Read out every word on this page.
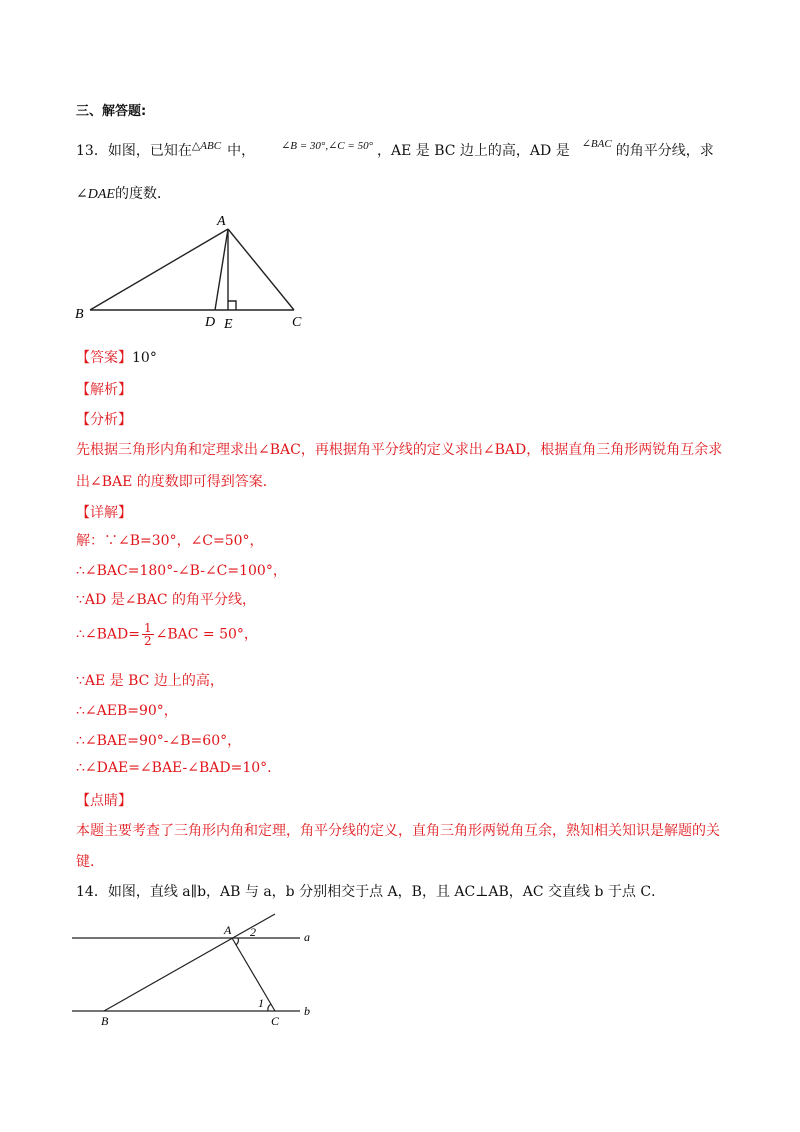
三、解答题:
13．如图，已知在$^{\triangle ABC}$ 中， $^{\angle B = 30^\circ,\angle C = 50^\circ}$ ，AE 是 BC 边上的高，AD 是 $^{\angle BAC}$ 的角平分线，求
∠DAE的度数．
A
B
C
D E
【答案】10°
【解析】
【分析】
先根据三角形内角和定理求出∠BAC，再根据角平分线的定义求出∠BAD，根据直角三角形两锐角互余求
出∠BAE 的度数即可得到答案．
【详解】
解：∵∠B=30°，∠C=50°，
∴∠BAC=180°-∠B-∠C=100°，
∵AD 是∠BAC 的角平分线，
∴∠BAD= $\frac{1}{2}$ ∠BAC = 50°，
∵AE 是 BC 边上的高，
∴∠AEB=90°，
∴∠BAE=90°-∠B=60°，
∴∠DAE=∠BAE-∠BAD=10°.
【点睛】
本题主要考查了三角形内角和定理，角平分线的定义，直角三角形两锐角互余，熟知相关知识是解题的关
键．
14．如图，直线 a∥b，AB 与 a，b 分别相交于点 A，B，且 AC⊥AB，AC 交直线 b 于点 C．
A 2	a
1
B	C
b
